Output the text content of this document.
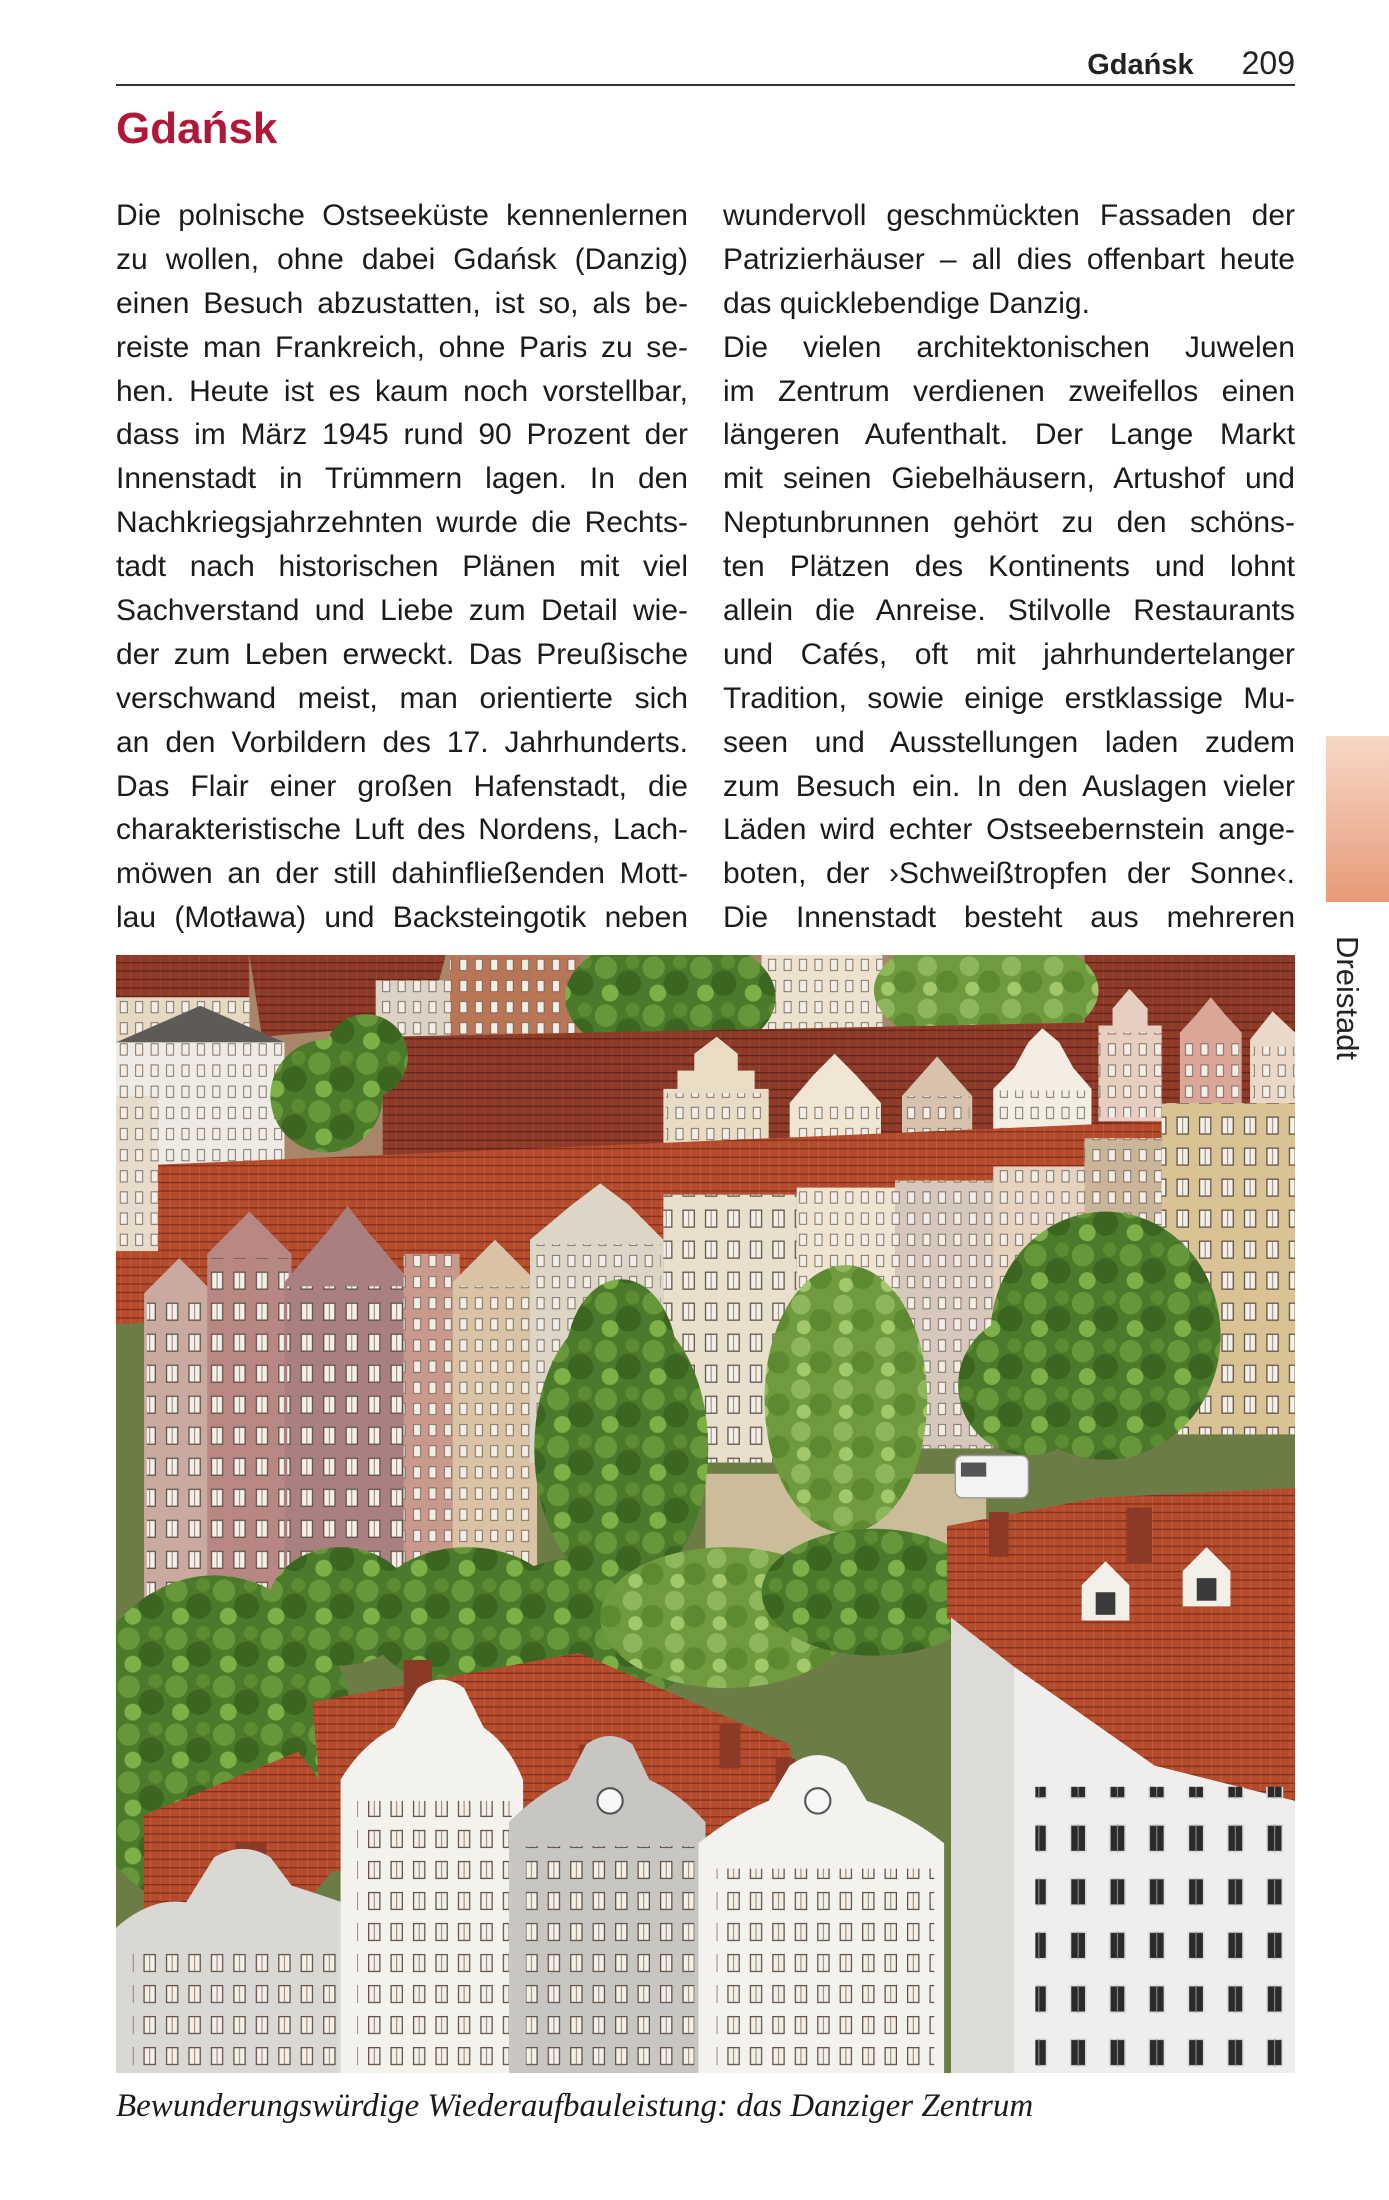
Gdańsk 209
Gdańsk
Die polnische Ostseeküste kennenlernen
zu wollen, ohne dabei Gdańsk (Danzig)
einen Besuch abzustatten, ist so, als be-
reiste man Frankreich, ohne Paris zu se-
hen. Heute ist es kaum noch vorstellbar,
dass im März 1945 rund 90 Prozent der
Innenstadt in Trümmern lagen. In den
Nachkriegsjahrzehnten wurde die Rechts-
tadt nach historischen Plänen mit viel
Sachverstand und Liebe zum Detail wie-
der zum Leben erweckt. Das Preußische
verschwand meist, man orientierte sich
an den Vorbildern des 17. Jahrhunderts.
Das Flair einer großen Hafenstadt, die
charakteristische Luft des Nordens, Lach-
möwen an der still dahinfließenden Mott-
lau (Motława) und Backsteingotik neben
wundervoll geschmückten Fassaden der
Patrizierhäuser – all dies offenbart heute
das quicklebendige Danzig.
Die vielen architektonischen Juwelen
im Zentrum verdienen zweifellos einen
längeren Aufenthalt. Der Lange Markt
mit seinen Giebelhäusern, Artushof und
Neptunbrunnen gehört zu den schöns-
ten Plätzen des Kontinents und lohnt
allein die Anreise. Stilvolle Restaurants
und Cafés, oft mit jahrhundertelanger
Tradition, sowie einige erstklassige Mu-
seen und Ausstellungen laden zudem
zum Besuch ein. In den Auslagen vieler
Läden wird echter Ostseebernstein ange-
boten, der ›Schweißtropfen der Sonne‹.
Die Innenstadt besteht aus mehreren
Bewunderungswürdige Wiederaufbauleistung: das Danziger Zentrum
Dreistadt
